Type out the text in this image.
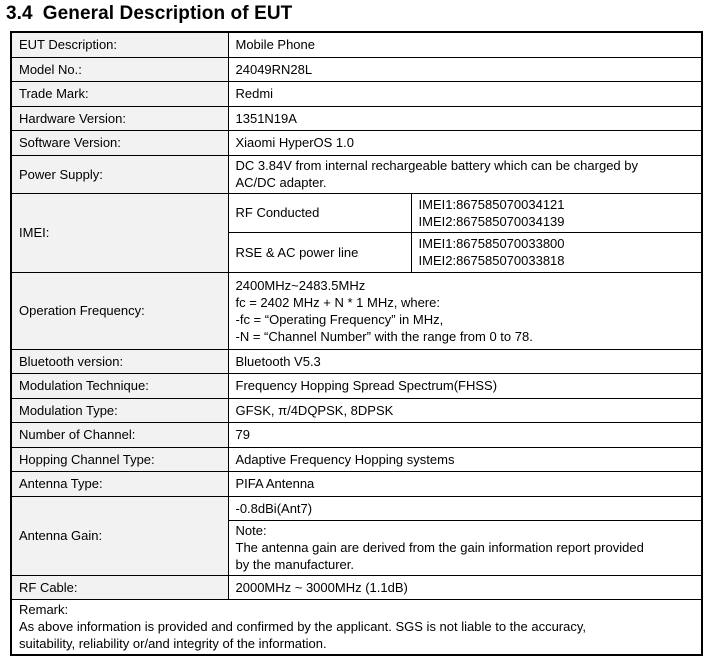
3.4 General Description of EUT
EUT Description:	Mobile Phone	
Model No.:	24049RN28L	
Trade Mark:	Redmi	
Hardware Version:	1351N19A	
Software Version:	Xiaomi HyperOS 1.0	
Power Supply:	DC 3.84V from internal rechargeable battery which can be charged by
AC/DC adapter.	

IMEI:	RF Conducted	IMEI1:867585070034121
IMEI2:867585070034139

	RSE & AC power line	IMEI1:867585070033800
IMEI2:867585070033818

Operation Frequency:	2400MHz~2483.5MHz
fc = 2402 MHz + N * 1 MHz, where:
-fc = “Operating Frequency” in MHz,
-N = “Channel Number” with the range from 0 to 78.	

Bluetooth version:	Bluetooth V5.3	
Modulation Technique:	Frequency Hopping Spread Spectrum(FHSS)	
Modulation Type:	GFSK, π/4DQPSK, 8DPSK	
Number of Channel:	79	
Hopping Channel Type:	Adaptive Frequency Hopping systems	
Antenna Type:	PIFA Antenna	
Antenna Gain:	-0.8dBi(Ant7)	

	Note:
The antenna gain are derived from the gain information report provided
by the manufacturer.	

RF Cable:	2000MHz ~ 3000MHz (1.1dB)	

Remark:
As above information is provided and confirmed by the applicant. SGS is not liable to the accuracy,
suitability, reliability or/and integrity of the information.		
